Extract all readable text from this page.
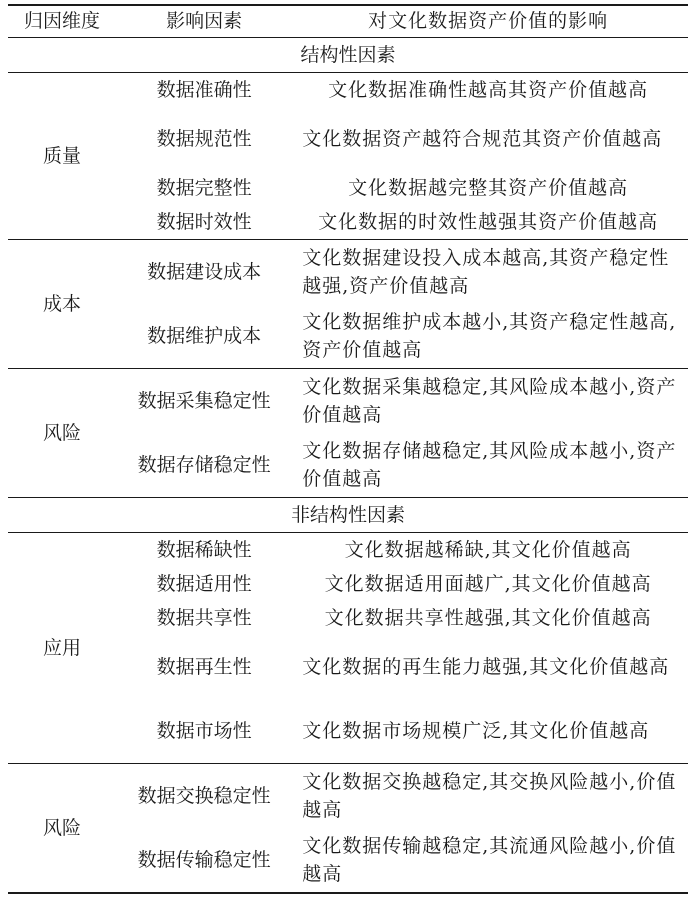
归因维度	影响因素	对文化数据资产价值的影响
结构性因素		
质量	数据准确性	文化数据准确性越高其资产价值越高
	数据规范性	文化数据资产越符合规范其资产价值越高
	数据完整性	文化数据越完整其资产价值越高
	数据时效性	文化数据的时效性越强其资产价值越高
成本	数据建设成本	文化数据建设投入成本越高,其资产稳定性越强,资产价值越高
	数据维护成本	文化数据维护成本越小,其资产稳定性越高,资产价值越高
风险	数据采集稳定性	文化数据采集越稳定,其风险成本越小,资产价值越高
	数据存储稳定性	文化数据存储越稳定,其风险成本越小,资产价值越高
非结构性因素		
应用	数据稀缺性	文化数据越稀缺,其文化价值越高
	数据适用性	文化数据适用面越广,其文化价值越高
	数据共享性	文化数据共享性越强,其文化价值越高
	数据再生性	文化数据的再生能力越强,其文化价值越高
	数据市场性	文化数据市场规模广泛,其文化价值越高
风险	数据交换稳定性	文化数据交换越稳定,其交换风险越小,价值越高
	数据传输稳定性	文化数据传输越稳定,其流通风险越小,价值越高
